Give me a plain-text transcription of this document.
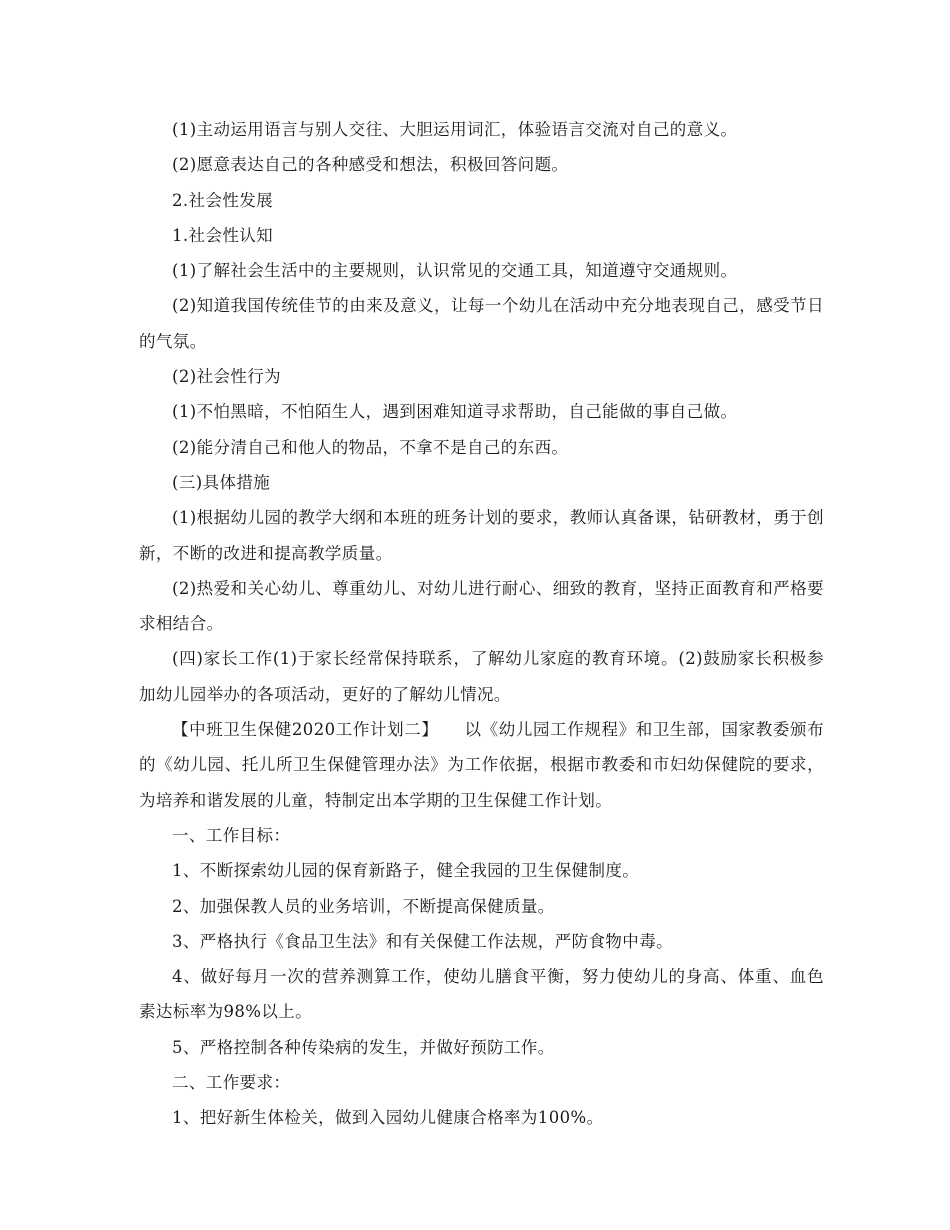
(1)主动运用语言与别人交往、大胆运用词汇，体验语言交流对自己的意义。

(2)愿意表达自己的各种感受和想法，积极回答问题。

2.社会性发展

1.社会性认知

(1)了解社会生活中的主要规则，认识常见的交通工具，知道遵守交通规则。

(2)知道我国传统佳节的由来及意义，让每一个幼儿在活动中充分地表现自己，感受节日的气氛。

(2)社会性行为

(1)不怕黑暗，不怕陌生人，遇到困难知道寻求帮助，自己能做的事自己做。

(2)能分清自己和他人的物品，不拿不是自己的东西。

(三)具体措施

(1)根据幼儿园的教学大纲和本班的班务计划的要求，教师认真备课，钻研教材，勇于创新，不断的改进和提高教学质量。

(2)热爱和关心幼儿、尊重幼儿、对幼儿进行耐心、细致的教育，坚持正面教育和严格要求相结合。

(四)家长工作(1)于家长经常保持联系，了解幼儿家庭的教育环境。(2)鼓励家长积极参加幼儿园举办的各项活动，更好的了解幼儿情况。

【中班卫生保健2020工作计划二】　　以《幼儿园工作规程》和卫生部，国家教委颁布的《幼儿园、托儿所卫生保健管理办法》为工作依据，根据市教委和市妇幼保健院的要求，为培养和谐发展的儿童，特制定出本学期的卫生保健工作计划。

一、工作目标：

1、不断探索幼儿园的保育新路子，健全我园的卫生保健制度。

2、加强保教人员的业务培训，不断提高保健质量。

3、严格执行《食品卫生法》和有关保健工作法规，严防食物中毒。

4、做好每月一次的营养测算工作，使幼儿膳食平衡，努力使幼儿的身高、体重、血色素达标率为98%以上。

5、严格控制各种传染病的发生，并做好预防工作。

二、工作要求：

1、把好新生体检关，做到入园幼儿健康合格率为100%。
